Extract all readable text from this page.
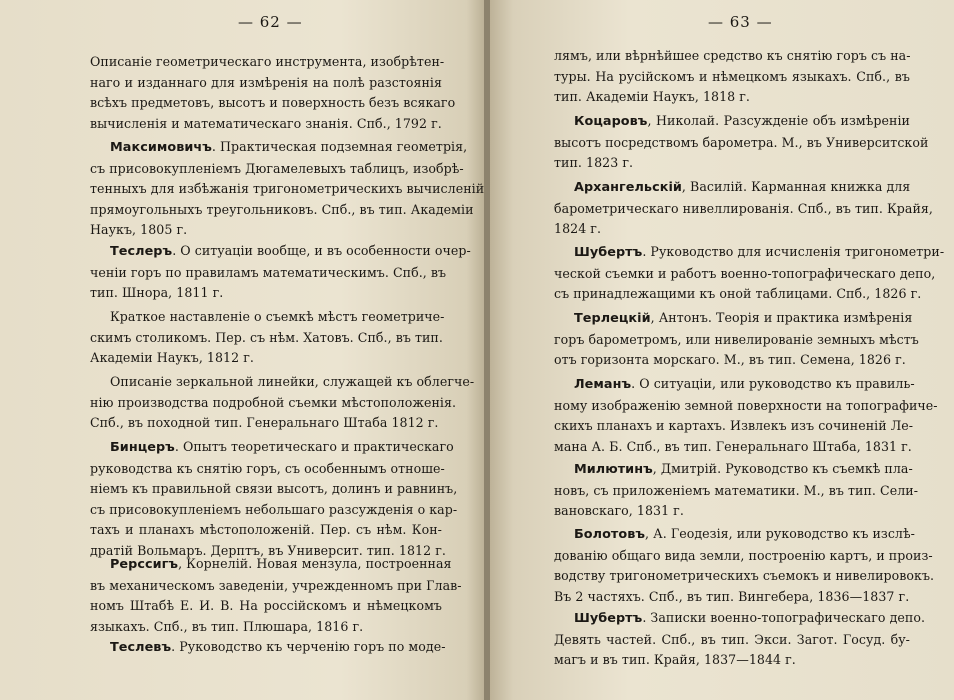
— 62 —
Описаніе геометрическаго инструмента, изобрѣтен-
наго и изданнаго для измѣренія на полѣ разстоянія
всѣхъ предметовъ, высотъ и поверхность безъ всякаго
вычисленія и математическаго знанія. Спб., 1792 г.
Максимовичъ. Практическая подземная геометрія,
съ присовокупленіемъ Дюгамелевыхъ таблицъ, изобрѣ-
тенныхъ для избѣжанія тригонометрическихъ вычисленій
прямоугольныхъ треугольниковъ. Спб., въ тип. Академіи
Наукъ, 1805 г.
Теслеръ. О ситуаціи вообще, и въ особенности очер-
ченіи горъ по правиламъ математическимъ. Спб., въ
тип. Шнора, 1811 г.
Краткое наставленіе о съемкѣ мѣстъ геометриче-
скимъ столикомъ. Пер. съ нѣм. Хатовъ. Спб., въ тип.
Академіи Наукъ, 1812 г.
Описаніе зеркальной линейки, служащей къ облегче-
нію производства подробной съемки мѣстоположенія.
Спб., въ походной тип. Генеральнаго Штаба 1812 г.
Бинцеръ. Опытъ теоретическаго и практическаго
руководства къ снятію горъ, съ особеннымъ отноше-
ніемъ къ правильной связи высотъ, долинъ и равнинъ,
съ присовокупленіемъ небольшаго разсужденія о кар-
тахъ и планахъ мѣстоположеній. Пер. съ нѣм. Кон-
дратій Вольмаръ. Дерптъ, въ Университ. тип. 1812 г.
Рерссигъ, Корнелій. Новая мензула, построенная
въ механическомъ заведеніи, учрежденномъ при Глав-
номъ Штабѣ Е. И. В. На россійскомъ и нѣмецкомъ
языкахъ. Спб., въ тип. Плюшара, 1816 г.
Теслевъ. Руководство къ черченію горъ по моде-
— 63 —
лямъ, или вѣрнѣйшее средство къ снятію горъ съ на-
туры. На русійскомъ и нѣмецкомъ языкахъ. Спб., въ
тип. Академіи Наукъ, 1818 г.
Коцаровъ, Николай. Разсужденіе объ измѣреніи
высотъ посредствомъ барометра. М., въ Университской
тип. 1823 г.
Архангельскій, Василій. Карманная книжка для
барометрическаго нивеллированія. Спб., въ тип. Крайя,
1824 г.
Шубертъ. Руководство для исчисленія тригонометри-
ческой съемки и работъ военно-топографическаго депо,
съ принадлежащими къ оной таблицами. Спб., 1826 г.
Терлецкій, Антонъ. Теорія и практика измѣренія
горъ барометромъ, или нивелированіе земныхъ мѣстъ
отъ горизонта морскаго. М., въ тип. Семена, 1826 г.
Леманъ. О ситуаціи, или руководство къ правиль-
ному изображенію земной поверхности на топографиче-
скихъ планахъ и картахъ. Извлекъ изъ сочиненій Ле-
мана А. Б. Спб., въ тип. Генеральнаго Штаба, 1831 г.
Милютинъ, Дмитрій. Руководство къ съемкѣ пла-
новъ, съ приложеніемъ математики. М., въ тип. Сели-
вановскаго, 1831 г.
Болотовъ, А. Геодезія, или руководство къ изслѣ-
дованію общаго вида земли, построенію картъ, и произ-
водству тригонометрическихъ съемокъ и нивелировокъ.
Въ 2 частяхъ. Спб., въ тип. Вингебера, 1836—1837 г.
Шубертъ. Записки военно-топографическаго депо.
Девять частей. Спб., въ тип. Экси. Загот. Госуд. бу-
магъ и въ тип. Крайя, 1837—1844 г.
